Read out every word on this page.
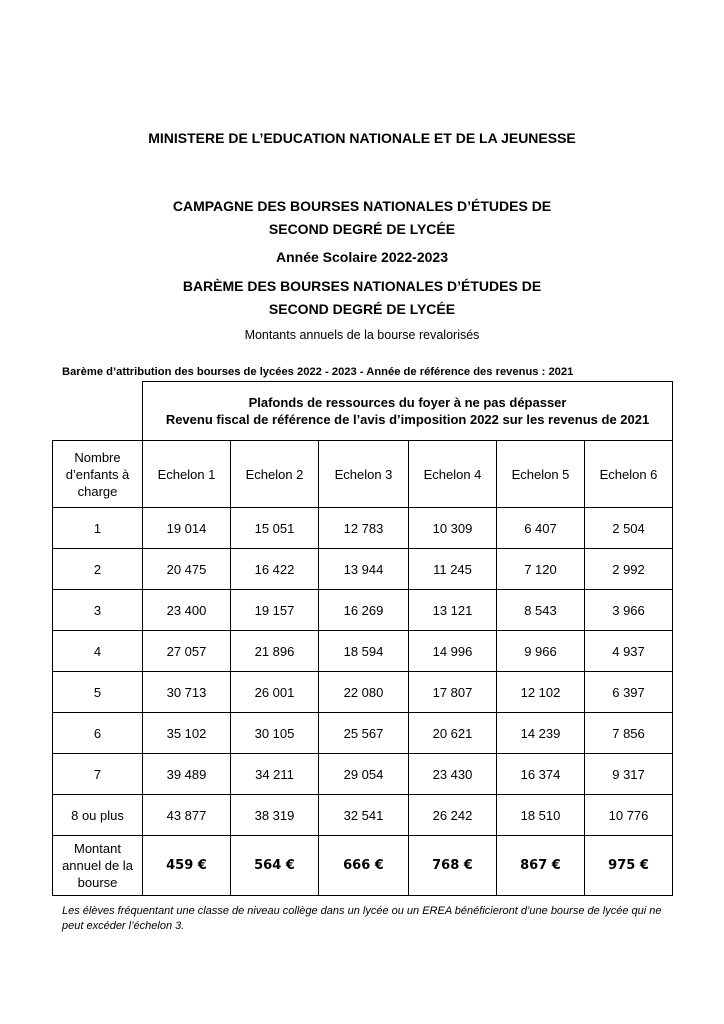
MINISTERE DE L’EDUCATION NATIONALE ET DE LA JEUNESSE
CAMPAGNE DES BOURSES NATIONALES D’ÉTUDES DE
SECOND DEGRÉ DE LYCÉE
Année Scolaire 2022-2023
BARÈME DES BOURSES NATIONALES D’ÉTUDES DE
SECOND DEGRÉ DE LYCÉE
Montants annuels de la bourse revalorisés
Barème d’attribution des bourses de lycées 2022 - 2023 - Année de référence des revenus : 2021

	Plafonds de ressources du foyer à ne pas dépasser
Revenu fiscal de référence de l’avis d’imposition 2022 sur les revenus de 2021					

Nombre d’enfants à charge	Echelon 1	Echelon 2	Echelon 3	Echelon 4	Echelon 5	Echelon 6
1	19 014	15 051	12 783	10 309	6 407	2 504
2	20 475	16 422	13 944	11 245	7 120	2 992
3	23 400	19 157	16 269	13 121	8 543	3 966
4	27 057	21 896	18 594	14 996	9 966	4 937
5	30 713	26 001	22 080	17 807	12 102	6 397
6	35 102	30 105	25 567	20 621	14 239	7 856
7	39 489	34 211	29 054	23 430	16 374	9 317
8 ou plus	43 877	38 319	32 541	26 242	18 510	10 776
Montant annuel de la bourse	459 €	564 €	666 €	768 €	867 €	975 €
Les élèves fréquentant une classe de niveau collège dans un lycée ou un EREA bénéficieront d’une bourse de lycée qui ne peut excéder l’échelon 3.
